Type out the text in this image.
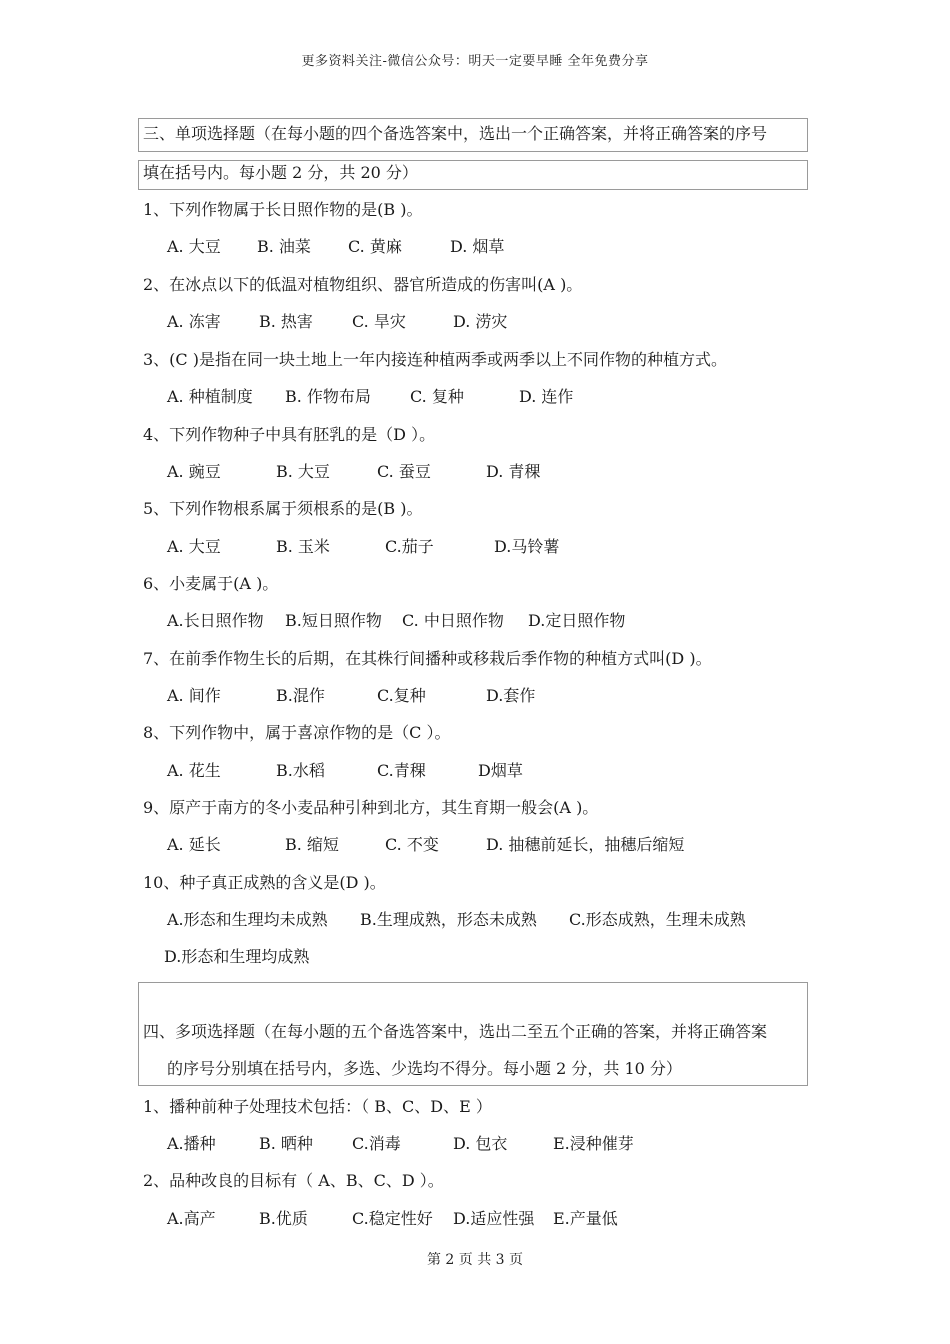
更多资料关注-微信公众号：明天一定要早睡 全年免费分享
三、单项选择题（在每小题的四个备选答案中，选出一个正确答案，并将正确答案的序号
填在括号内。每小题 2 分，共 20 分）
1、下列作物属于长日照作物的是(B )。
A. 大豆 B. 油菜 C. 黄麻	D. 烟草
2、在冰点以下的低温对植物组织、器官所造成的伤害叫(A )。
A. 冻害 B. 热害 C. 旱灾	D. 涝灾
3、(C )是指在同一块土地上一年内接连种植两季或两季以上不同作物的种植方式。
A. 种植制度 B. 作物布局 C. 复种	D. 连作
4、下列作物种子中具有胚乳的是（D ）。
A. 豌豆	B. 大豆	C. 蚕豆	D. 青稞
5、下列作物根系属于须根系的是(B )。
A. 大豆	B. 玉米	C.茄子	D.马铃薯
6、小麦属于(A )。
A.长日照作物 B.短日照作物 C. 中日照作物 D.定日照作物
7、在前季作物生长的后期，在其株行间播种或移栽后季作物的种植方式叫(D )。
A. 间作	B.混作	C.复种	D.套作
8、下列作物中，属于喜凉作物的是（C ）。
A. 花生	B.水稻	C.青稞	D烟草
9、原产于南方的冬小麦品种引种到北方，其生育期一般会(A )。
A. 延长	B. 缩短	C. 不变	D. 抽穗前延长，抽穗后缩短
10、种子真正成熟的含义是(D )。
A.形态和生理均未成熟 B.生理成熟，形态未成熟 C.形态成熟，生理未成熟
D.形态和生理均成熟
四、多项选择题（在每小题的五个备选答案中，选出二至五个正确的答案，并将正确答案
的序号分别填在括号内，多选、少选均不得分。每小题 2 分，共 10 分）
1、播种前种子处理技术包括：（ B、C、D、E ）
A.播种	B. 晒种 C.消毒	D. 包衣	E.浸种催芽
2、品种改良的目标有（ A、B、C、D ）。
A.高产	B.优质	C.稳定性好 D.适应性强 E.产量低
第 2 页 共 3 页
